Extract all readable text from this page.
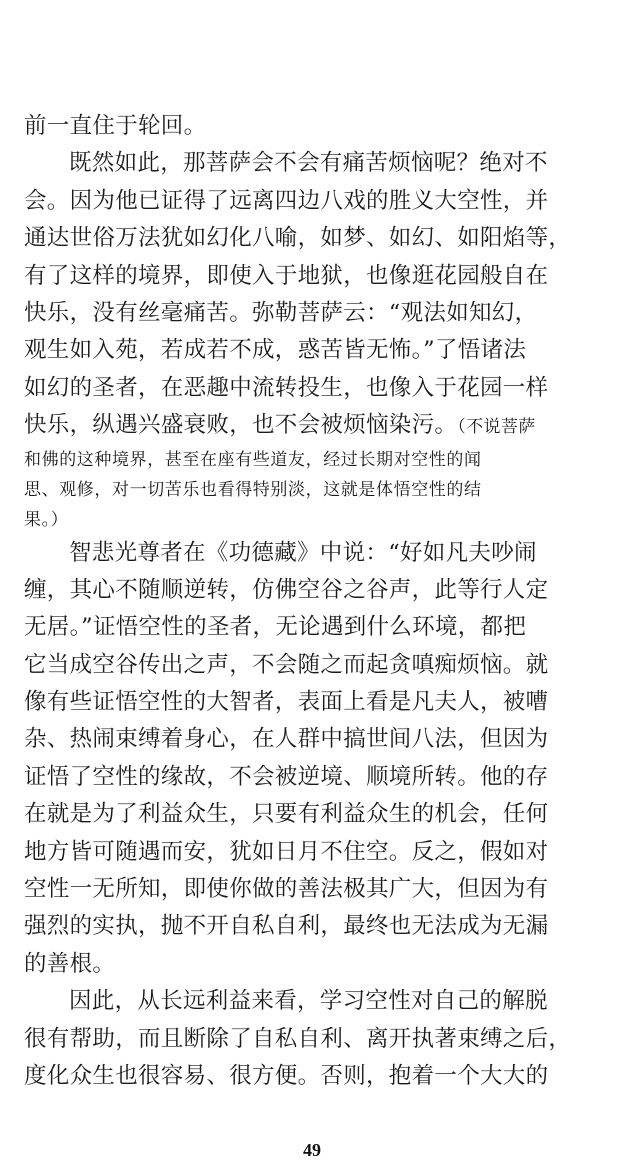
前一直住于轮回。
既然如此，那菩萨会不会有痛苦烦恼呢？绝对不
会。因为他已证得了远离四边八戏的胜义大空性，并
通达世俗万法犹如幻化八喻，如梦、如幻、如阳焰等，
有了这样的境界，即使入于地狱，也像逛花园般自在
快乐，没有丝毫痛苦。弥勒菩萨云：“观法如知幻，
观生如入苑，若成若不成，惑苦皆无怖。”了悟诸法
如幻的圣者，在恶趣中流转投生，也像入于花园一样
快乐，纵遇兴盛衰败，也不会被烦恼染污。（不说菩萨
和佛的这种境界，甚至在座有些道友，经过长期对空性的闻
思、观修，对一切苦乐也看得特别淡，这就是体悟空性的结
果。）
智悲光尊者在《功德藏》中说：“好如凡夫吵闹
缠，其心不随顺逆转，仿佛空谷之谷声，此等行人定
无居。”证悟空性的圣者，无论遇到什么环境，都把
它当成空谷传出之声，不会随之而起贪嗔痴烦恼。就
像有些证悟空性的大智者，表面上看是凡夫人，被嘈
杂、热闹束缚着身心，在人群中搞世间八法，但因为
证悟了空性的缘故，不会被逆境、顺境所转。他的存
在就是为了利益众生，只要有利益众生的机会，任何
地方皆可随遇而安，犹如日月不住空。反之，假如对
空性一无所知，即使你做的善法极其广大，但因为有
强烈的实执，抛不开自私自利，最终也无法成为无漏
的善根。
因此，从长远利益来看，学习空性对自己的解脱
很有帮助，而且断除了自私自利、离开执著束缚之后，
度化众生也很容易、很方便。否则，抱着一个大大的
49
